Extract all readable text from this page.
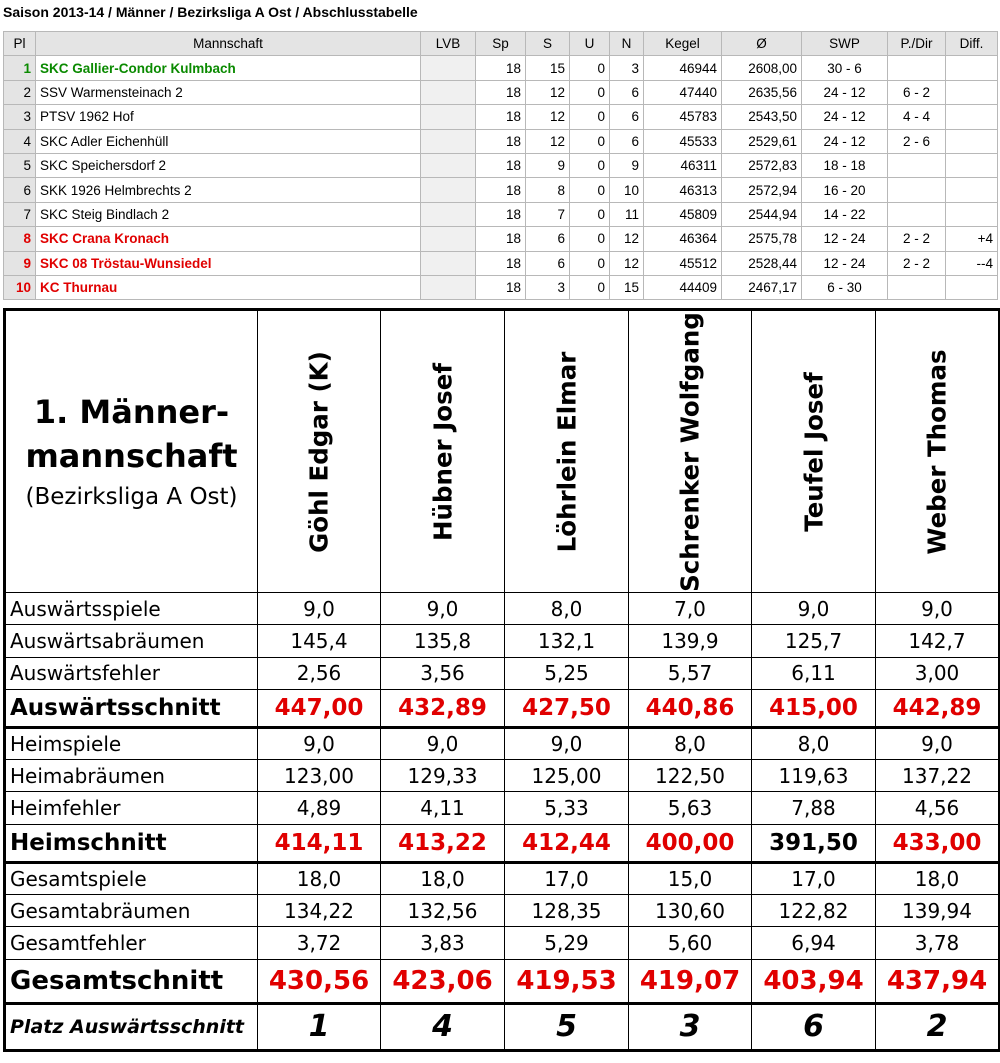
Saison 2013-14 / Männer / Bezirksliga A Ost / Abschlusstabelle
Pl	Mannschaft	LVB	Sp	S	U	N	Kegel	Ø	SWP	P./Dir	Diff.
1	SKC Gallier-Condor Kulmbach		18	15	0	3	46944	2608,00	30 - 6		
2	SSV Warmensteinach 2		18	12	0	6	47440	2635,56	24 - 12	6 - 2	
3	PTSV 1962 Hof		18	12	0	6	45783	2543,50	24 - 12	4 - 4	
4	SKC Adler Eichenhüll		18	12	0	6	45533	2529,61	24 - 12	2 - 6	
5	SKC Speichersdorf 2		18	9	0	9	46311	2572,83	18 - 18		
6	SKK 1926 Helmbrechts 2		18	8	0	10	46313	2572,94	16 - 20		
7	SKC Steig Bindlach 2		18	7	0	11	45809	2544,94	14 - 22		
8	SKC Crana Kronach		18	6	0	12	46364	2575,78	12 - 24	2 - 2	+4
9	SKC 08 Tröstau-Wunsiedel		18	6	0	12	45512	2528,44	12 - 24	2 - 2	--4
10	KC Thurnau		18	3	0	15	44409	2467,17	6 - 30		
1. Männer-
mannschaft
(Bezirksliga A Ost)	Göhl Edgar (K)	Hübner Josef	Löhrlein Elmar	Schrenker Wolfgang	Teufel Josef	Weber Thomas

Auswärtsspiele	9,0	9,0	8,0	7,0	9,0	9,0
Auswärtsabräumen	145,4	135,8	132,1	139,9	125,7	142,7
Auswärtsfehler	2,56	3,56	5,25	5,57	6,11	3,00
Auswärtsschnitt	447,00	432,89	427,50	440,86	415,00	442,89
Heimspiele	9,0	9,0	9,0	8,0	8,0	9,0
Heimabräumen	123,00	129,33	125,00	122,50	119,63	137,22
Heimfehler	4,89	4,11	5,33	5,63	7,88	4,56
Heimschnitt	414,11	413,22	412,44	400,00	391,50	433,00
Gesamtspiele	18,0	18,0	17,0	15,0	17,0	18,0
Gesamtabräumen	134,22	132,56	128,35	130,60	122,82	139,94
Gesamtfehler	3,72	3,83	5,29	5,60	6,94	3,78
Gesamtschnitt	430,56	423,06	419,53	419,07	403,94	437,94
Platz Auswärtsschnitt	1	4	5	3	6	2
